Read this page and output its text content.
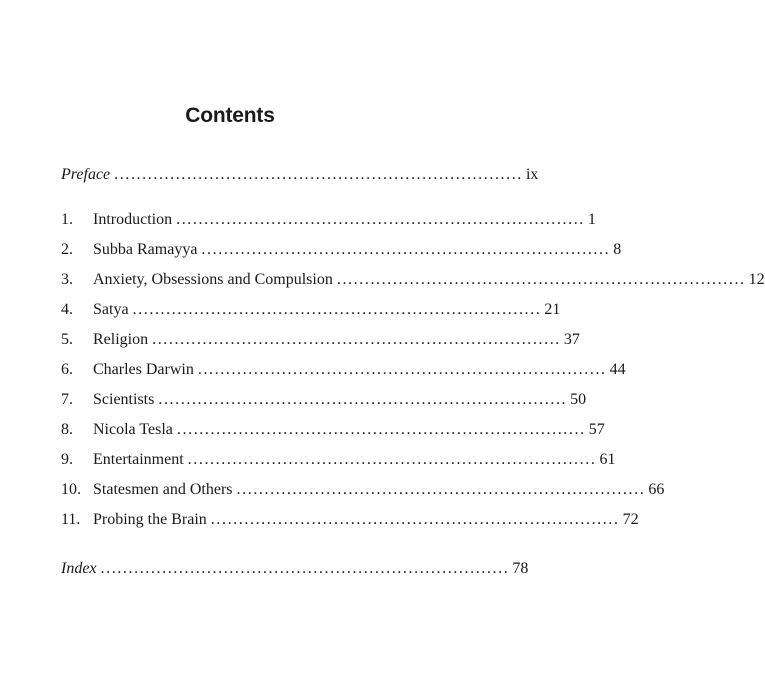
Contents
Preface ......................................................................... ix
1.	Introduction ......................................................................... 1
2.	Subba Ramayya ......................................................................... 8
3.	Anxiety, Obsessions and Compulsion ......................................................................... 12
4.	Satya ......................................................................... 21
5.	Religion ......................................................................... 37
6.	Charles Darwin ......................................................................... 44
7.	Scientists ......................................................................... 50
8.	Nicola Tesla ......................................................................... 57
9.	Entertainment ......................................................................... 61
10. Statesmen and Others ......................................................................... 66
11. Probing the Brain ......................................................................... 72
Index ......................................................................... 78
